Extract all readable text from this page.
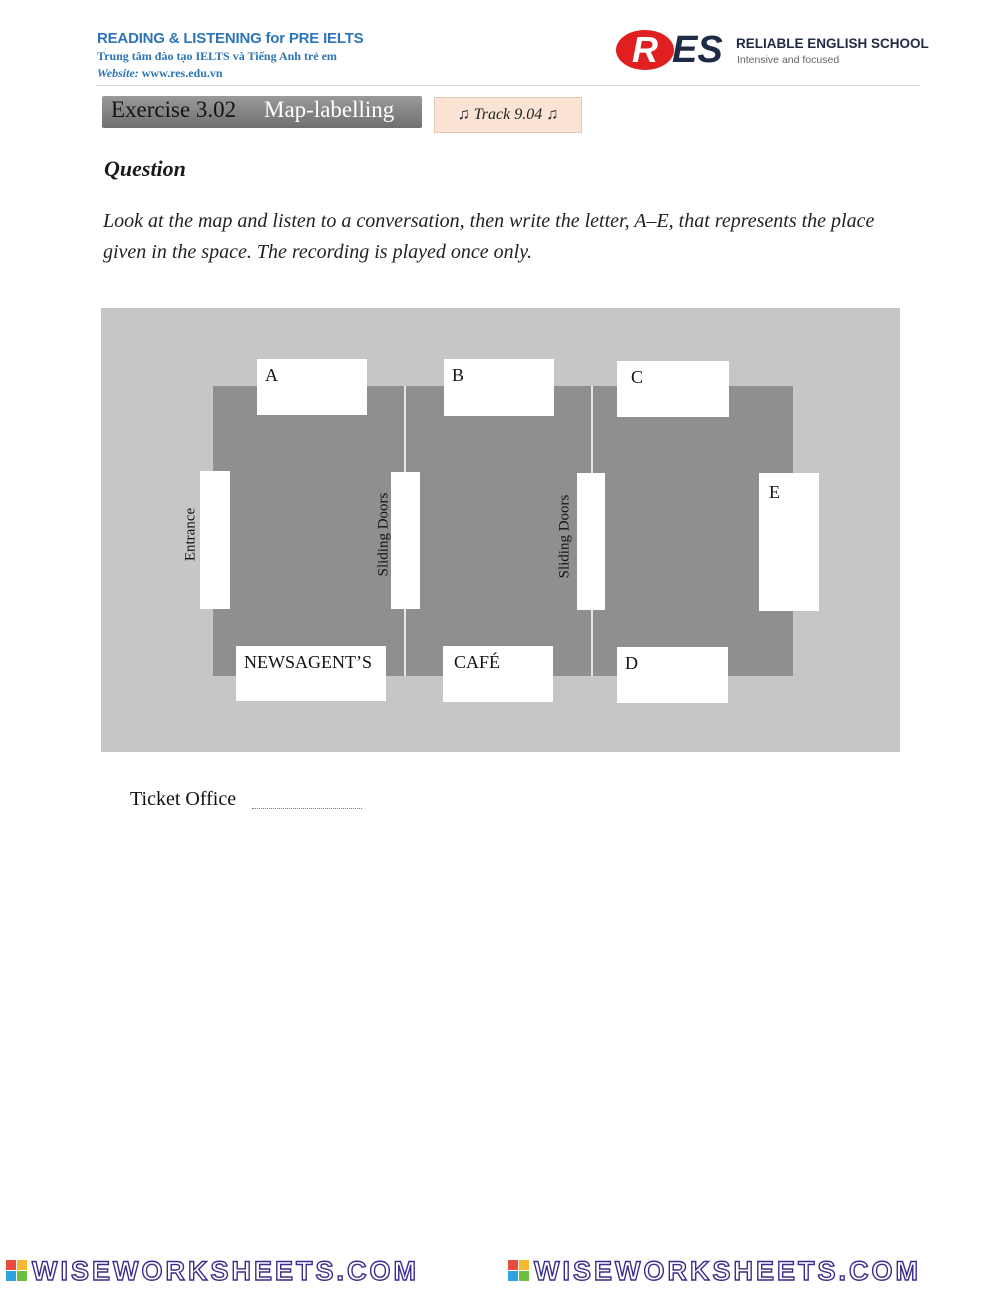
READING & LISTENING for PRE IELTS
Trung tâm đào tạo IELTS và Tiếng Anh trẻ em
Website: www.res.edu.vn
R ES RELIABLE ENGLISH SCHOOL
Intensive and focused
Exercise 3.02 Map-labelling	♫ Track 9.04 ♫
Question
Look at the map and listen to a conversation, then write the letter, A–E, that represents the place given in the space. The recording is played once only.
A	B	C
E
Entrance	Sliding Doors	Sliding Doors
NEWSAGENT’S	CAFÉ	D
Ticket Office
WISEWORKSHEETS.COM	WISEWORKSHEETS.COM
